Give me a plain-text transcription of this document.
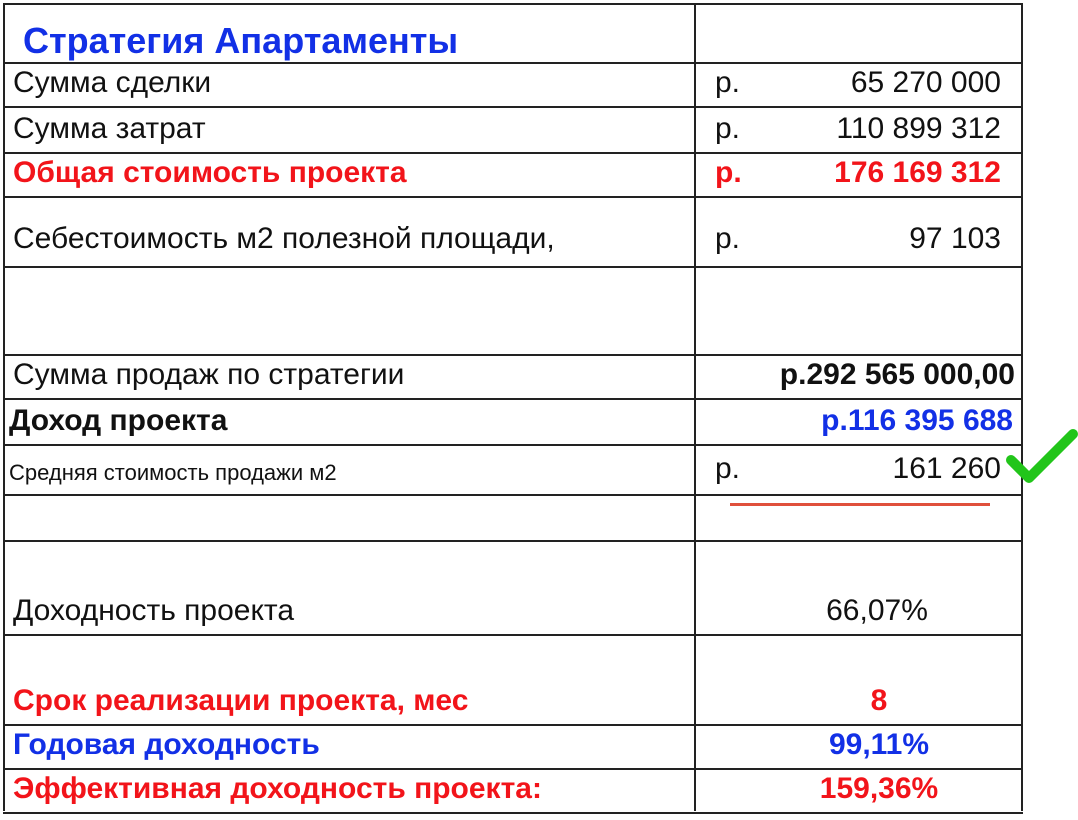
Стратегия Апартаменты
Сумма сделки	р.	65 270 000
Сумма затрат	р.	110 899 312
Общая стоимость проекта	р.	176 169 312
Себестоимость м2 полезной площади,	р.	97 103
Сумма продаж по стратегии	р.292 565 000,00
Доход проекта	р.116 395 688
Средняя стоимость продажи м2	р.	161 260
Доходность проекта	66,07%
Срок реализации проекта, мес	8
Годовая доходность	99,11%
Эффективная доходность проекта:	159,36%
